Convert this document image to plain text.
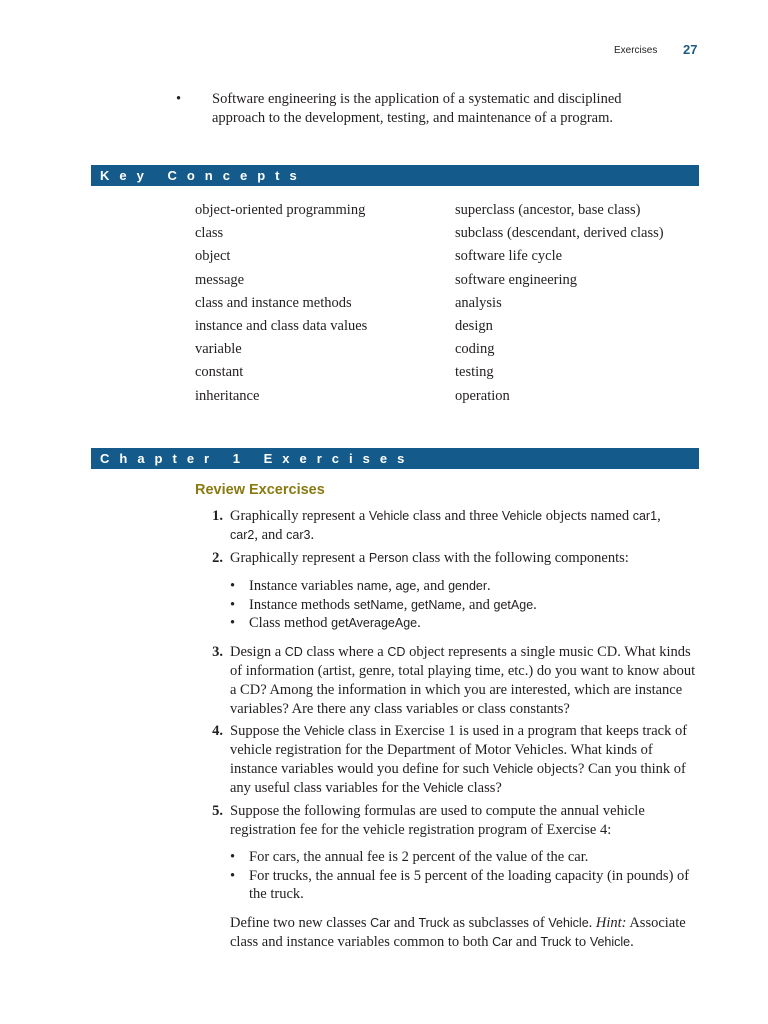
Exercises 27
• Software engineering is the application of a systematic and disciplined approach to the development, testing, and maintenance of a program.
Key Concepts
object-oriented programming
class
object
message
class and instance methods
instance and class data values
variable
constant
inheritance
superclass (ancestor, base class)
subclass (descendant, derived class)
software life cycle
software engineering
analysis
design
coding
testing
operation
Chapter 1 Exercises
Review Excercises
1. Graphically represent a Vehicle class and three Vehicle objects named car1,
car2, and car3.
2. Graphically represent a Person class with the following components:
• Instance variables name, age, and gender.
• Instance methods setName, getName, and getAge.
• Class method getAverageAge.
3. Design a CD class where a CD object represents a single music CD. What kinds of information (artist, genre, total playing time, etc.) do you want to know about a CD? Among the information in which you are interested, which are instance variables? Are there any class variables or class constants?
4. Suppose the Vehicle class in Exercise 1 is used in a program that keeps track of vehicle registration for the Department of Motor Vehicles. What kinds of instance variables would you define for such Vehicle objects? Can you think of any useful class variables for the Vehicle class?
5. Suppose the following formulas are used to compute the annual vehicle registration fee for the vehicle registration program of Exercise 4:
• For cars, the annual fee is 2 percent of the value of the car.
• For trucks, the annual fee is 5 percent of the loading capacity (in pounds) of the truck.
Define two new classes Car and Truck as subclasses of Vehicle. Hint: Associate class and instance variables common to both Car and Truck to Vehicle.
